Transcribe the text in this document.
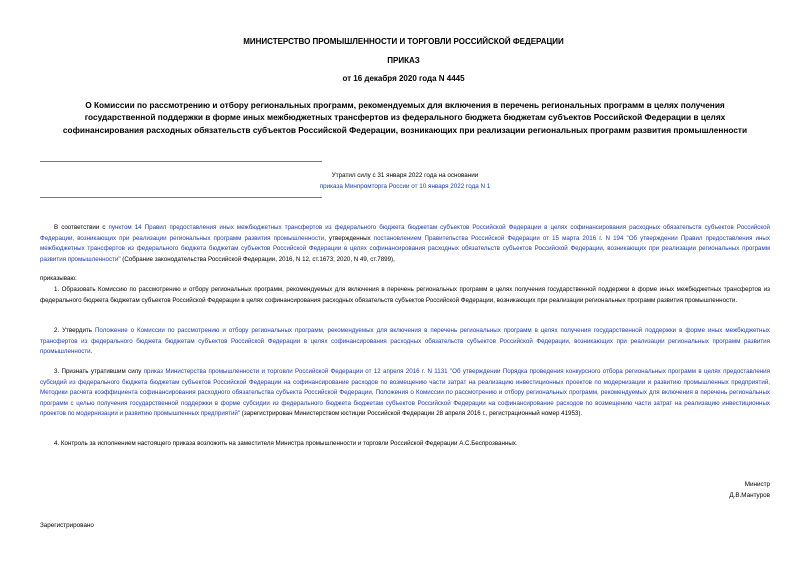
МИНИСТЕРСТВО ПРОМЫШЛЕННОСТИ И ТОРГОВЛИ РОССИЙСКОЙ ФЕДЕРАЦИИ
ПРИКАЗ
от 16 декабря 2020 года N 4445
О Комиссии по рассмотрению и отбору региональных программ, рекомендуемых для включения в перечень региональных программ в целях получения государственной поддержки в форме иных межбюджетных трансфертов из федерального бюджета бюджетам субъектов Российской Федерации в целях софинансирования расходных обязательств субъектов Российской Федерации, возникающих при реализации региональных программ развития промышленности
Утратил силу с 31 января 2022 года на основании
приказа Минпромторга России от 10 января 2022 года N 1
В соответствии с пунктом 14 Правил предоставления иных межбюджетных трансфертов из федерального бюджета бюджетам субъектов Российской Федерации в целях софинансирования расходных обязательств субъектов Российской Федерации, возникающих при реализации региональных программ развития промышленности, утвержденных постановлением Правительства Российской Федерации от 15 марта 2016 г. N 194 "Об утверждении Правил предоставления иных межбюджетных трансфертов из федерального бюджета бюджетам субъектов Российской Федерации в целях софинансирования расходных обязательств субъектов Российской Федерации, возникающих при реализации региональных программ развития промышленности" (Собрание законодательства Российской Федерации, 2016, N 12, ст.1673; 2020, N 49, ст.7899),
приказываю:
1. Образовать Комиссию по рассмотрению и отбору региональных программ, рекомендуемых для включения в перечень региональных программ в целях получения государственной поддержки в форме иных межбюджетных трансфертов из федерального бюджета бюджетам субъектов Российской Федерации в целях софинансирования расходных обязательств субъектов Российской Федерации, возникающих при реализации региональных программ развития промышленности.
2. Утвердить Положение о Комиссии по рассмотрению и отбору региональных программ, рекомендуемых для включения в перечень региональных программ в целях получения государственной поддержки в форме иных межбюджетных трансфертов из федерального бюджета бюджетам субъектов Российской Федерации в целях софинансирования расходных обязательств субъектов Российской Федерации, возникающих при реализации региональных программ развития промышленности.
3. Признать утратившим силу приказ Министерства промышленности и торговли Российской Федерации от 12 апреля 2016 г. N 1131 "Об утверждении Порядка проведения конкурсного отбора региональных программ в целях предоставления субсидий из федерального бюджета бюджетам субъектов Российской Федерации на софинансирование расходов по возмещению части затрат на реализацию инвестиционных проектов по модернизации и развитию промышленных предприятий, Методики расчета коэффициента софинансирования расходного обязательства субъекта Российской Федерации, Положения о Комиссии по рассмотрению и отбору региональных программ, рекомендуемых для включения в перечень региональных программ с целью получения государственной поддержки в форме субсидии из федерального бюджета бюджетам субъектов Российской Федерации на софинансирование расходов по возмещению части затрат на реализацию инвестиционных проектов по модернизации и развитию промышленных предприятий" (зарегистрирован Министерством юстиции Российской Федерации 28 апреля 2016 г., регистрационный номер 41953).
4. Контроль за исполнением настоящего приказа возложить на заместителя Министра промышленности и торговли Российской Федерации А.С.Беспрозванных.
Министр
Д.В.Мантуров
Зарегистрировано
